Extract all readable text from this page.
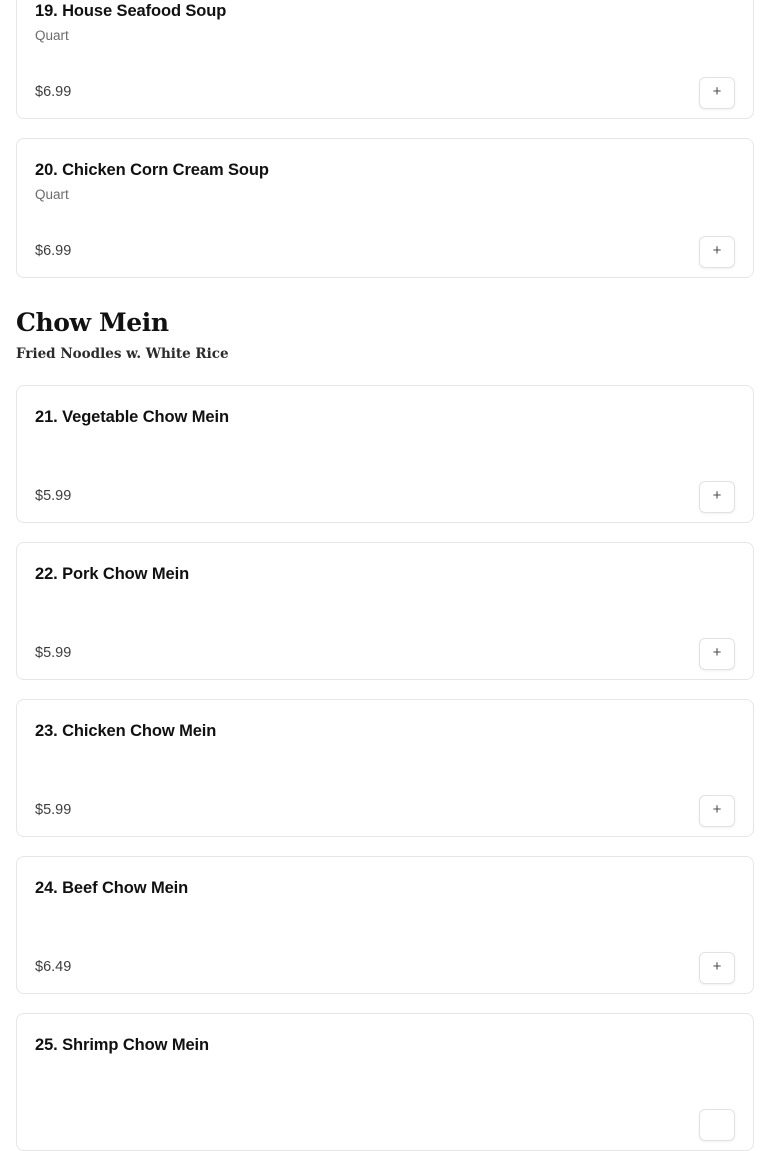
19. House Seafood Soup
Quart
$6.99	+
20. Chicken Corn Cream Soup
Quart
$6.99	+
Chow Mein
Fried Noodles w. White Rice
21. Vegetable Chow Mein
$5.99	+
22. Pork Chow Mein
$5.99	+
23. Chicken Chow Mein
$5.99	+
24. Beef Chow Mein
$6.49	+
25. Shrimp Chow Mein
